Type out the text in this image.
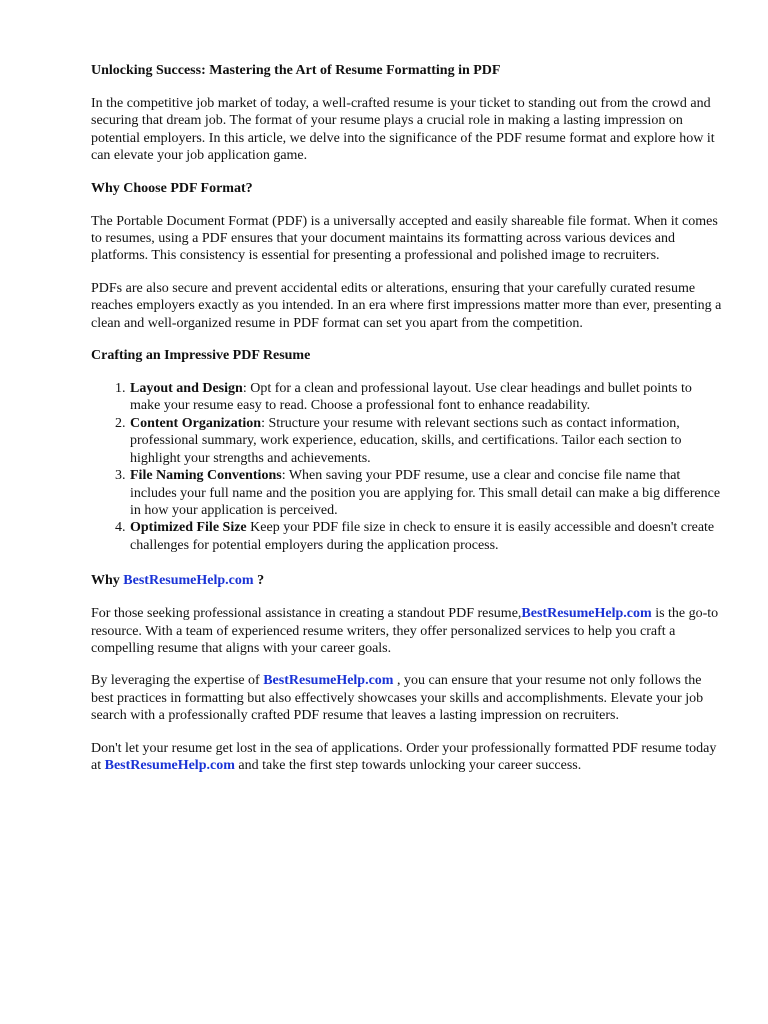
Unlocking Success: Mastering the Art of Resume Formatting in PDF

In the competitive job market of today, a well-crafted resume is your ticket to standing out from the crowd and securing that dream job. The format of your resume plays a crucial role in making a lasting impression on potential employers. In this article, we delve into the significance of the PDF resume format and explore how it can elevate your job application game.

Why Choose PDF Format?

The Portable Document Format (PDF) is a universally accepted and easily shareable file format. When it comes to resumes, using a PDF ensures that your document maintains its formatting across various devices and platforms. This consistency is essential for presenting a professional and polished image to recruiters.

PDFs are also secure and prevent accidental edits or alterations, ensuring that your carefully curated resume reaches employers exactly as you intended. In an era where first impressions matter more than ever, presenting a clean and well-organized resume in PDF format can set you apart from the competition.

Crafting an Impressive PDF Resume
1. Layout and Design: Opt for a clean and professional layout. Use clear headings and bullet points to make your resume easy to read. Choose a professional font to enhance readability.
2. Content Organization: Structure your resume with relevant sections such as contact information, professional summary, work experience, education, skills, and certifications. Tailor each section to highlight your strengths and achievements.
3. File Naming Conventions: When saving your PDF resume, use a clear and concise file name that includes your full name and the position you are applying for. This small detail can make a big difference in how your application is perceived.
4. Optimized File Size Keep your PDF file size in check to ensure it is easily accessible and doesn't create challenges for potential employers during the application process.
Why BestResumeHelp.com ?

For those seeking professional assistance in creating a standout PDF resume,BestResumeHelp.com is the go-to resource. With a team of experienced resume writers, they offer personalized services to help you craft a compelling resume that aligns with your career goals.

By leveraging the expertise of BestResumeHelp.com , you can ensure that your resume not only follows the best practices in formatting but also effectively showcases your skills and accomplishments. Elevate your job search with a professionally crafted PDF resume that leaves a lasting impression on recruiters.

Don't let your resume get lost in the sea of applications. Order your professionally formatted PDF resume today at BestResumeHelp.com and take the first step towards unlocking your career success.
